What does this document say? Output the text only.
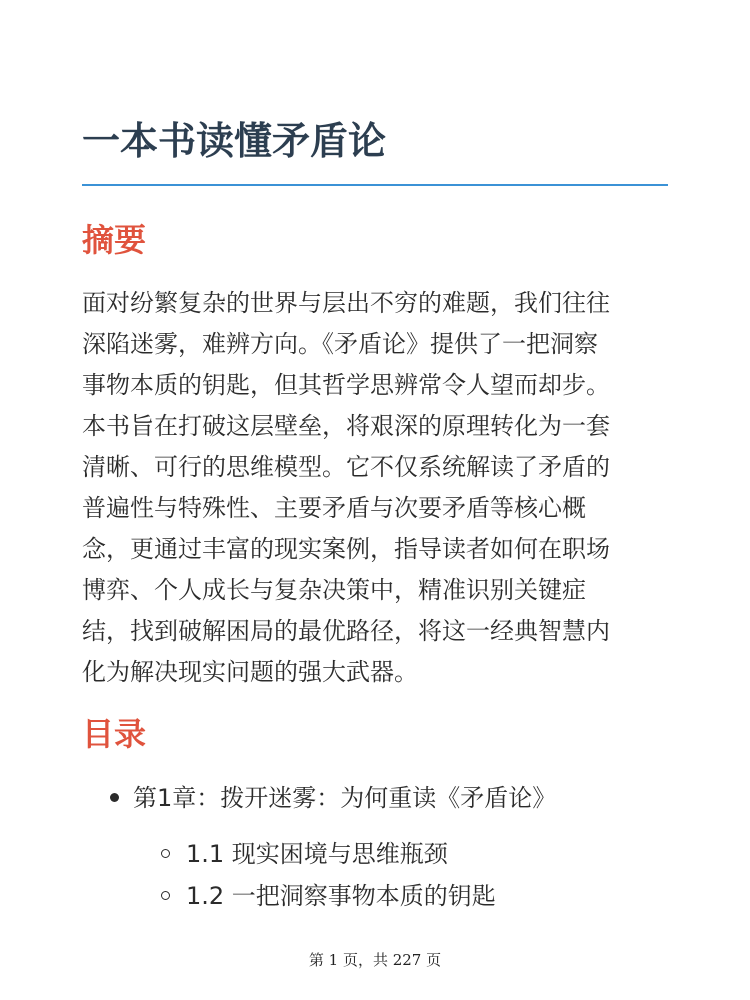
一本书读懂矛盾论
摘要
面对纷繁复杂的世界与层出不穷的难题，我们往往
深陷迷雾，难辨方向。《矛盾论》提供了一把洞察
事物本质的钥匙，但其哲学思辨常令人望而却步。
本书旨在打破这层壁垒，将艰深的原理转化为一套
清晰、可行的思维模型。它不仅系统解读了矛盾的
普遍性与特殊性、主要矛盾与次要矛盾等核心概
念，更通过丰富的现实案例，指导读者如何在职场
博弈、个人成长与复杂决策中，精准识别关键症
结，找到破解困局的最优路径，将这一经典智慧内
化为解决现实问题的强大武器。
目录
第1章：拨开迷雾：为何重读《矛盾论》
1.1 现实困境与思维瓶颈
1.2 一把洞察事物本质的钥匙
第 1 页，共 227 页
